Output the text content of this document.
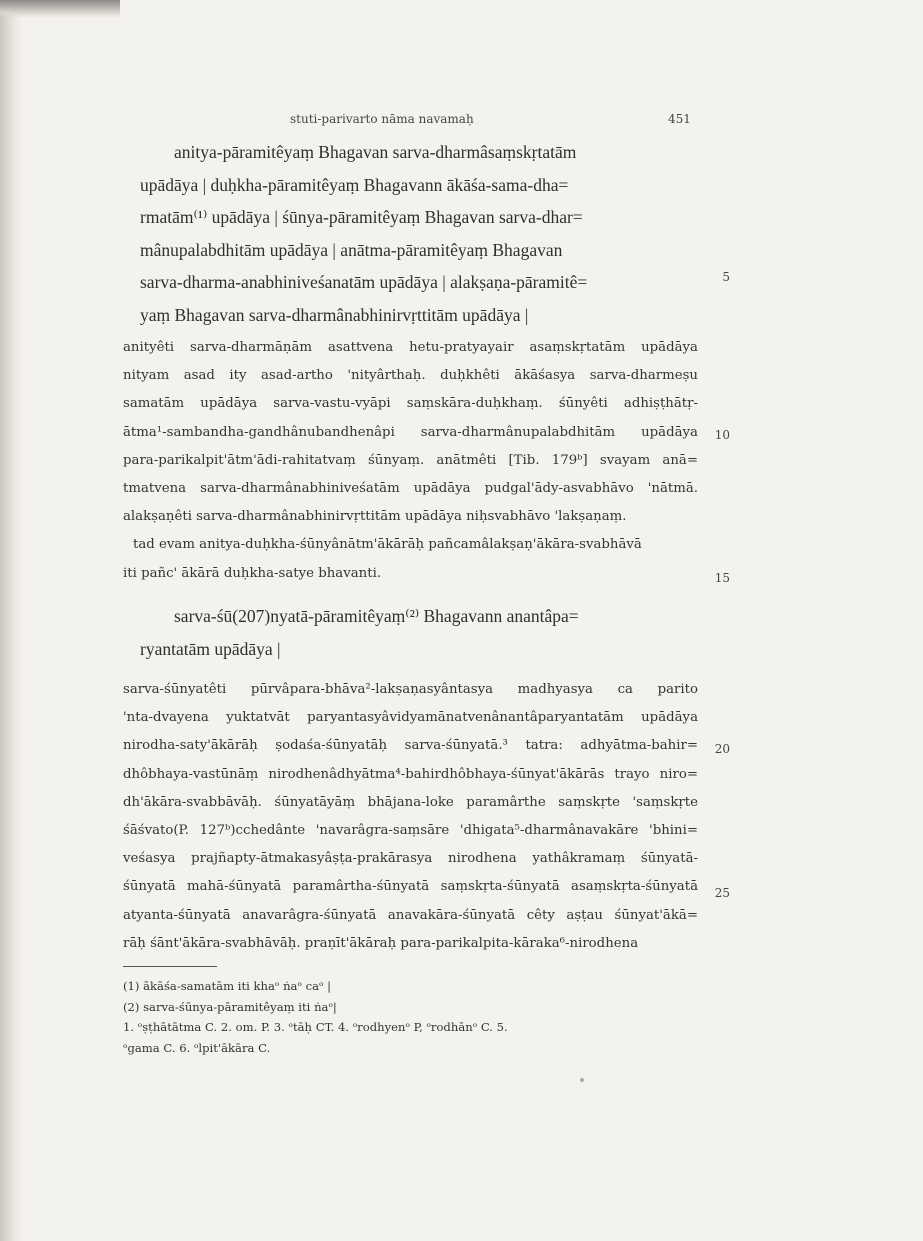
stuti-parivarto nāma navamaḥ	451
5
10
15
20
25
anitya-pāramitêyaṃ Bhagavan sarva-dharmâsaṃskṛtatām
upādāya | duḥkha-pāramitêyaṃ Bhagavann ākāśa-sama-dha=
rmatām⁽¹⁾ upādāya | śūnya-pāramitêyaṃ Bhagavan sarva-dhar=
mânupalabdhitām upādāya | anātma-pāramitêyaṃ Bhagavan
sarva-dharma-anabhiniveśanatām upādāya | alakṣaṇa-pāramitê=
yaṃ Bhagavan sarva-dharmânabhinirvṛttitām upādāya |
anityêti sarva-dharmāṇām asattvena hetu-pratyayair asaṃskṛtatām upādāya
nityam asad ity asad-artho 'nityârthaḥ. duḥkhêti ākāśasya sarva-dharmeṣu
samatām upādāya sarva-vastu-vyāpi saṃskāra-duḥkhaṃ. śūnyêti adhiṣṭhātṛ-
ātma¹-sambandha-gandhânubandhenâpi sarva-dharmânupalabdhitām upādāya
para-parikalpit'ātm'ādi-rahitatvaṃ śūnyaṃ. anātmêti [Tib. 179ᵇ] svayam anā=
tmatvena sarva-dharmânabhiniveśatām upādāya pudgal'ādy-asvabhāvo 'nātmā.
alakṣaṇêti sarva-dharmânabhinirvṛttitām upādāya niḥsvabhāvo 'lakṣaṇaṃ.
tad evam anitya-duḥkha-śūnyânātm'ākārāḥ pañcamâlakṣaṇ'ākāra-svabhāvā
iti pañc' ākārā duḥkha-satye bhavanti.
sarva-śū(207)nyatā-pāramitêyaṃ⁽²⁾ Bhagavann anantâpa=
ryantatām upādāya |
sarva-śūnyatêti pūrvâpara-bhāva²-lakṣaṇasyântasya madhyasya ca parito
'nta-dvayena yuktatvāt paryantasyâvidyamānatvenânantâparyantatām upādāya
nirodha-saty'ākārāḥ ṣodaśa-śūnyatāḥ sarva-śūnyatā.³ tatra: adhyātma-bahir=
dhôbhaya-vastūnāṃ nirodhenâdhyātma⁴-bahirdhôbhaya-śūnyat'ākārās trayo niro=
dh'ākāra-svabbāvāḥ. śūnyatāyāṃ bhājana-loke paramârthe saṃskṛte 'saṃskṛte
śāśvato(P. 127ᵇ)cchedânte 'navarâgra-saṃsāre 'dhigata⁵-dharmânavakāre 'bhini=
veśasya prajñapty-ātmakasyâṣṭa-prakārasya nirodhena yathâkramaṃ śūnyatā-
śūnyatā mahā-śūnyatā paramârtha-śūnyatā saṃskṛta-śūnyatā asaṃskṛta-śūnyatā
atyanta-śūnyatā anavarâgra-śūnyatā anavakāra-śūnyatā cêty aṣṭau śūnyat'ākā=
rāḥ śānt'ākāra-svabhāvāḥ. praṇīt'ākāraḥ para-parikalpita-kāraka⁶-nirodhena
(1) ākāśa-samatām iti khaᵒ ṅaᵒ caᵒ |
(2) sarva-śūnya-pāramitêyaṃ iti ṅaᵒ|
1. ᵒṣṭhātātma C. 2. om. P. 3. ᵒtāḥ CT. 4. ᵒrodhyenᵒ P, ᵒrodhānᵒ C. 5.
ᵒgama C. 6. ᵒlpit'ākāra C.
